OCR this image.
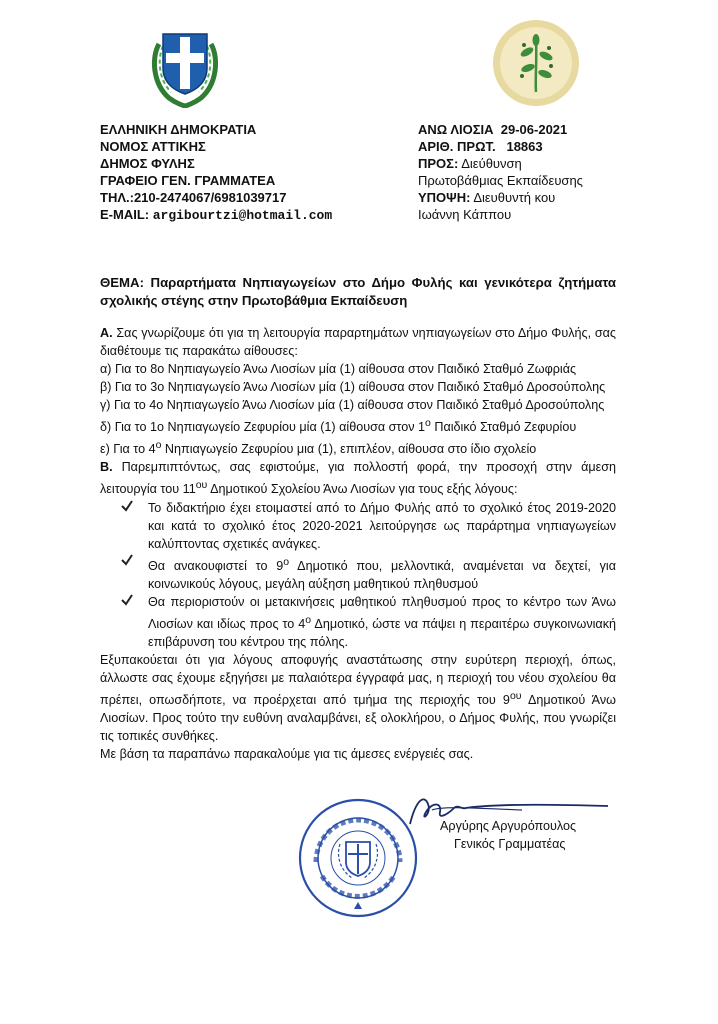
ΕΛΛΗΝΙΚΗ ΔΗΜΟΚΡΑΤΙΑ
ΝΟΜΟΣ ΑΤΤΙΚΗΣ
ΔΗΜΟΣ ΦΥΛΗΣ
ΓΡΑΦΕΙΟ ΓΕΝ. ΓΡΑΜΜΑΤΕΑ
ΤΗΛ.:210-2474067/6981039717
E-MAIL: argibourtzi@hotmail.com
ΑΝΩ ΛΙΟΣΙΑ 29-06-2021
ΑΡΙΘ. ΠΡΩΤ. 18863
ΠΡΟΣ: Διεύθυνση
Πρωτοβάθμιας Εκπαίδευσης
ΥΠΟΨΗ: Διευθυντή κου
Ιωάννη Κάππου
ΘΕΜΑ: Παραρτήματα Νηπιαγωγείων στο Δήμο Φυλής και γενικότερα ζητήματα σχολικής στέγης στην Πρωτοβάθμια Εκπαίδευση

Α. Σας γνωρίζουμε ότι για τη λειτουργία παραρτημάτων νηπιαγωγείων στο Δήμο Φυλής, σας διαθέτουμε τις παρακάτω αίθουσες:

α) Για το 8ο Νηπιαγωγείο Άνω Λιοσίων μία (1) αίθουσα στον Παιδικό Σταθμό Ζωφριάς

β) Για το 3ο Νηπιαγωγείο Άνω Λιοσίων μία (1) αίθουσα στον Παιδικό Σταθμό Δροσούπολης

γ) Για το 4ο Νηπιαγωγείο Άνω Λιοσίων μία (1) αίθουσα στον Παιδικό Σταθμό Δροσούπολης

δ) Για το 1ο Νηπιαγωγείο Ζεφυρίου μία (1) αίθουσα στον $1^o$ Παιδικό Σταθμό Ζεφυρίου

ε) Για το $4^o$ Νηπιαγωγείο Ζεφυρίου μια (1), επιπλέον, αίθουσα στο ίδιο σχολείο

Β. Παρεμπιπτόντως, σας εφιστούμε, για πολλοστή φορά, την προσοχή στην άμεση λειτουργία του $11^{o\upsilon}$ Δημοτικού Σχολείου Άνω Λιοσίων για τους εξής λόγους:

Το διδακτήριο έχει ετοιμαστεί από το Δήμο Φυλής από το σχολικό έτος 2019-2020 και κατά το σχολικό έτος 2020-2021 λειτούργησε ως παράρτημα νηπιαγωγείων καλύπτοντας σχετικές ανάγκες.
Θα ανακουφιστεί το $9^o$ Δημοτικό που, μελλοντικά, αναμένεται να δεχτεί, για κοινωνικούς λόγους, μεγάλη αύξηση μαθητικού πληθυσμού
Θα περιοριστούν οι μετακινήσεις μαθητικού πληθυσμού προς το κέντρο των Άνω Λιοσίων και ιδίως προς το $4^o$ Δημοτικό, ώστε να πάψει η περαιτέρω συγκοινωνιακή επιβάρυνση του κέντρου της πόλης.

Εξυπακούεται ότι για λόγους αποφυγής αναστάτωσης στην ευρύτερη περιοχή, όπως, άλλωστε σας έχουμε εξηγήσει με παλαιότερα έγγραφά μας, η περιοχή του νέου σχολείου θα πρέπει, οπωσδήποτε, να προέρχεται από τμήμα της περιοχής του $9^{o\upsilon}$ Δημοτικού Άνω Λιοσίων. Προς τούτο την ευθύνη αναλαμβάνει, εξ ολοκλήρου, ο Δήμος Φυλής, που γνωρίζει τις τοπικές συνθήκες.

Με βάση τα παραπάνω παρακαλούμε για τις άμεσες ενέργειές σας.

Αργύρης Αργυρόπουλος
Γενικός Γραμματέας
